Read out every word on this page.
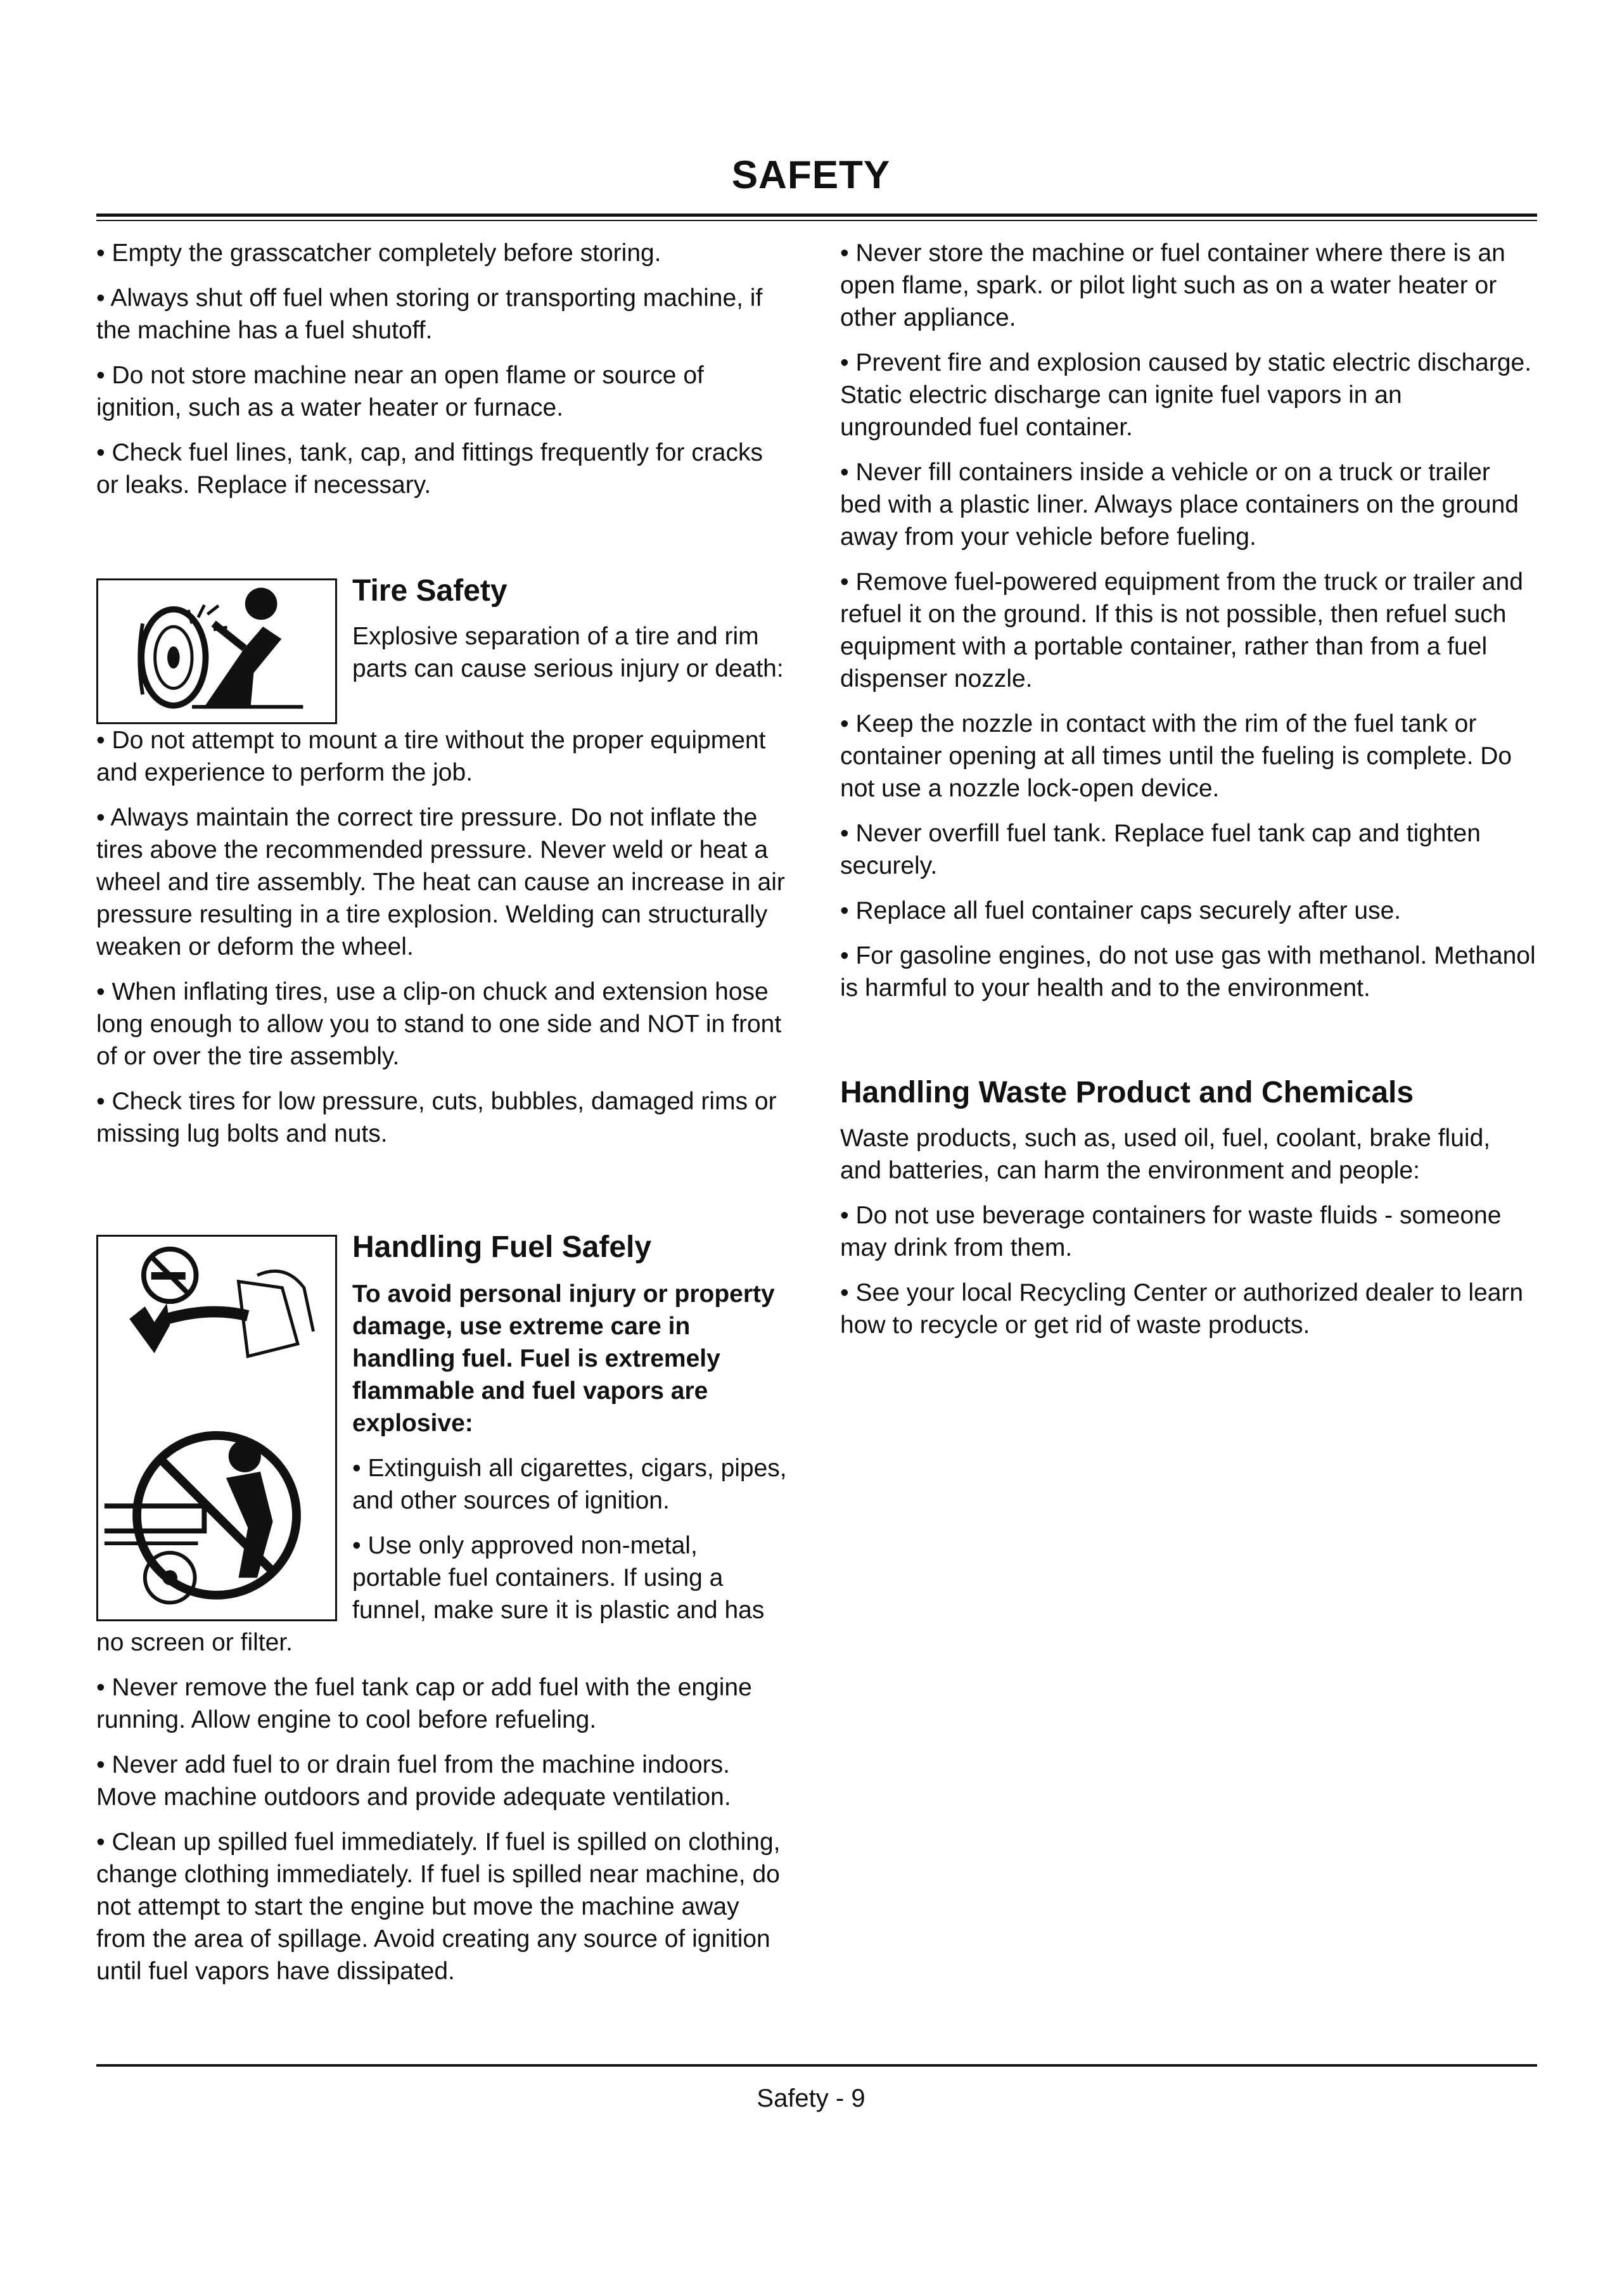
SAFETY

• Empty the grasscatcher completely before storing.

• Always shut off fuel when storing or transporting machine, if the machine has a fuel shutoff.

• Do not store machine near an open flame or source of ignition, such as a water heater or furnace.

• Check fuel lines, tank, cap, and fittings frequently for cracks or leaks. Replace if necessary.

Tire Safety

Explosive separation of a tire and rim parts can cause serious injury or death:

• Do not attempt to mount a tire without the proper equipment and experience to perform the job.

• Always maintain the correct tire pressure. Do not inflate the tires above the recommended pressure. Never weld or heat a wheel and tire assembly. The heat can cause an increase in air pressure resulting in a tire explosion. Welding can structurally weaken or deform the wheel.

• When inflating tires, use a clip-on chuck and extension hose long enough to allow you to stand to one side and NOT in front of or over the tire assembly.

• Check tires for low pressure, cuts, bubbles, damaged rims or missing lug bolts and nuts.

Handling Fuel Safely

To avoid personal injury or property damage, use extreme care in handling fuel. Fuel is extremely flammable and fuel vapors are explosive:

• Extinguish all cigarettes, cigars, pipes, and other sources of ignition.

• Use only approved non-metal, portable fuel containers. If using a funnel, make sure it is plastic and has no screen or filter.

• Never remove the fuel tank cap or add fuel with the engine running. Allow engine to cool before refueling.

• Never add fuel to or drain fuel from the machine indoors. Move machine outdoors and provide adequate ventilation.

• Clean up spilled fuel immediately. If fuel is spilled on clothing, change clothing immediately. If fuel is spilled near machine, do not attempt to start the engine but move the machine away from the area of spillage. Avoid creating any source of ignition until fuel vapors have dissipated.

• Never store the machine or fuel container where there is an open flame, spark. or pilot light such as on a water heater or other appliance.

• Prevent fire and explosion caused by static electric discharge. Static electric discharge can ignite fuel vapors in an ungrounded fuel container.

• Never fill containers inside a vehicle or on a truck or trailer bed with a plastic liner. Always place containers on the ground away from your vehicle before fueling.

• Remove fuel-powered equipment from the truck or trailer and refuel it on the ground. If this is not possible, then refuel such equipment with a portable container, rather than from a fuel dispenser nozzle.

• Keep the nozzle in contact with the rim of the fuel tank or container opening at all times until the fueling is complete. Do not use a nozzle lock-open device.

• Never overfill fuel tank. Replace fuel tank cap and tighten securely.

• Replace all fuel container caps securely after use.

• For gasoline engines, do not use gas with methanol. Methanol is harmful to your health and to the environment.

Handling Waste Product and Chemicals

Waste products, such as, used oil, fuel, coolant, brake fluid, and batteries, can harm the environment and people:

• Do not use beverage containers for waste fluids - someone may drink from them.

• See your local Recycling Center or authorized dealer to learn how to recycle or get rid of waste products.

Safety - 9
